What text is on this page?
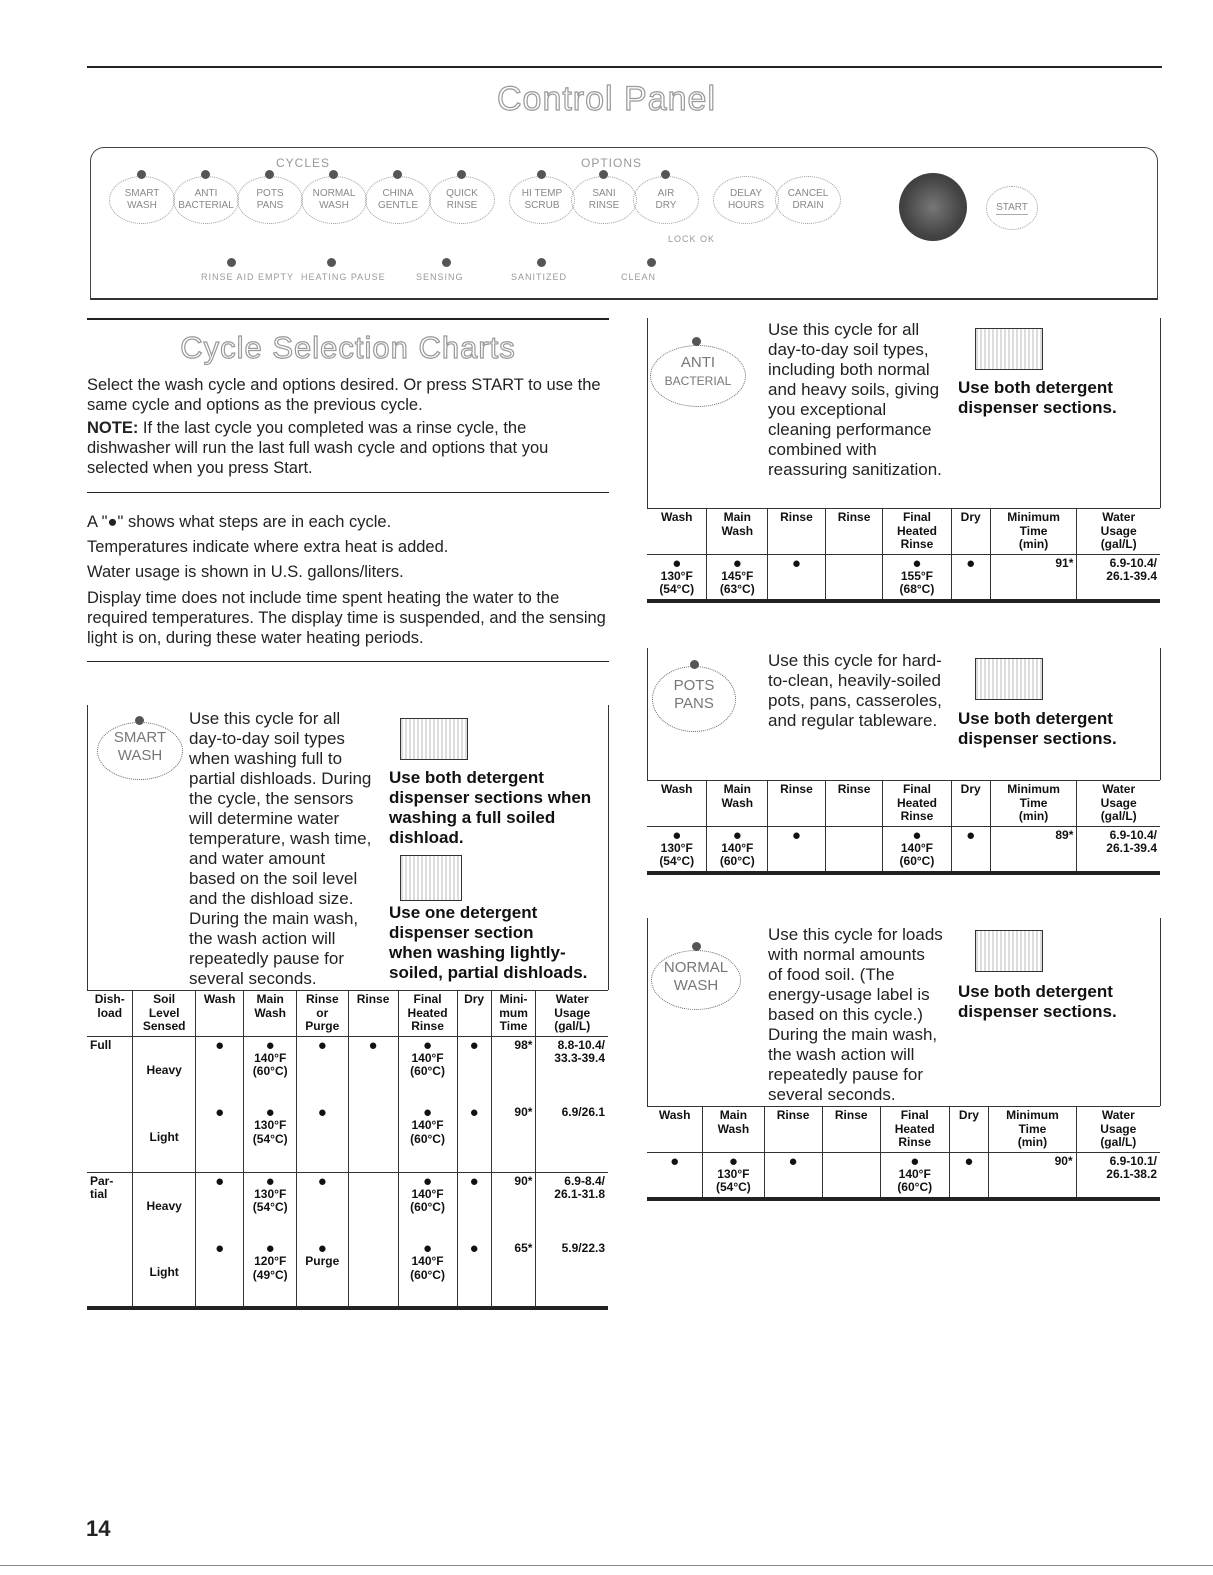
Control Panel
CYCLES	OPTIONS
SMART
WASH
ANTI
BACTERIAL
POTS
PANS
NORMAL
WASH
CHINA
GENTLE
QUICK
RINSE
HI TEMP
SCRUB
SANI
RINSE
AIR
DRY
DELAY
HOURS
CANCEL
DRAIN
LOCK OK
START
RINSE AID EMPTY HEATING PAUSE	SENSING	SANITIZED	CLEAN
Cycle Selection Charts
Select the wash cycle and options desired. Or press START to use the same cycle and options as the previous cycle.
NOTE: If the last cycle you completed was a rinse cycle, the dishwasher will run the last full wash cycle and options that you selected when you press Start.
A "●" shows what steps are in each cycle.
Temperatures indicate where extra heat is added.
Water usage is shown in U.S. gallons/liters.
Display time does not include time spent heating the water to the required temperatures. The display time is suspended, and the sensing light is on, during these water heating periods.
SMART
WASH
Use this cycle for all
day-to-day soil types
when washing full to
partial dishloads. During
the cycle, the sensors
will determine water
temperature, wash time,
and water amount
based on the soil level
and the dishload size.
During the main wash,
the wash action will
repeatedly pause for
several seconds.
Use both detergent
dispenser sections when
washing a full soiled
dishload.
Use one detergent
dispenser section
when washing lightly-
soiled, partial dishloads.
Dish-
load	Soil
Level
Sensed	Wash	Main
Wash	Rinse
or
Purge	Rinse	Final
Heated
Rinse	Dry	Mini-
mum
Time	Water
Usage
(gal/L)

Full	Heavy	●	●
140°F
(60°C)	●	●	●
140°F
(60°C)	●	98*	8.8-10.4/
33.3-39.4

	Light	●	●
130°F
(54°C)	●		●
140°F
(60°C)	●	90*	6.9/26.1

Par-
tial	Heavy	●	●
130°F
(54°C)	●		●
140°F
(60°C)	●	90*	6.9-8.4/
26.1-31.8

	Light	●	●
120°F
(49°C)	●
Purge		●
140°F
(60°C)	●	65*	5.9/22.3
ANTI
BACTERIAL
Use this cycle for all
day-to-day soil types,
including both normal
and heavy soils, giving
you exceptional
cleaning performance
combined with
reassuring sanitization.
Use both detergent
dispenser sections.
Wash	Main
Wash	Rinse	Rinse	Final
Heated
Rinse	Dry	Minimum
Time
(min)	Water
Usage
(gal/L)

●
130°F
(54°C)	●
145°F
(63°C)	●		●
155°F
(68°C)	●	91*	6.9-10.4/
26.1-39.4
POTS
PANS
Use this cycle for hard-
to-clean, heavily-soiled
pots, pans, casseroles,
and regular tableware.	Use both detergent
dispenser sections.
Wash	Main
Wash	Rinse	Rinse	Final
Heated
Rinse	Dry	Minimum
Time
(min)	Water
Usage
(gal/L)

●
130°F
(54°C)	●
140°F
(60°C)	●		●
140°F
(60°C)	●	89*	6.9-10.4/
26.1-39.4
NORMAL
WASH
Use this cycle for loads
with normal amounts
of food soil. (The
energy-usage label is
based on this cycle.)
During the main wash,
the wash action will
repeatedly pause for
several seconds.
Use both detergent
dispenser sections.
Wash	Main
Wash	Rinse	Rinse	Final
Heated
Rinse	Dry	Minimum
Time
(min)	Water
Usage
(gal/L)

●	●
130°F
(54°C)	●		●
140°F
(60°C)	●	90*	6.9-10.1/
26.1-38.2
14
